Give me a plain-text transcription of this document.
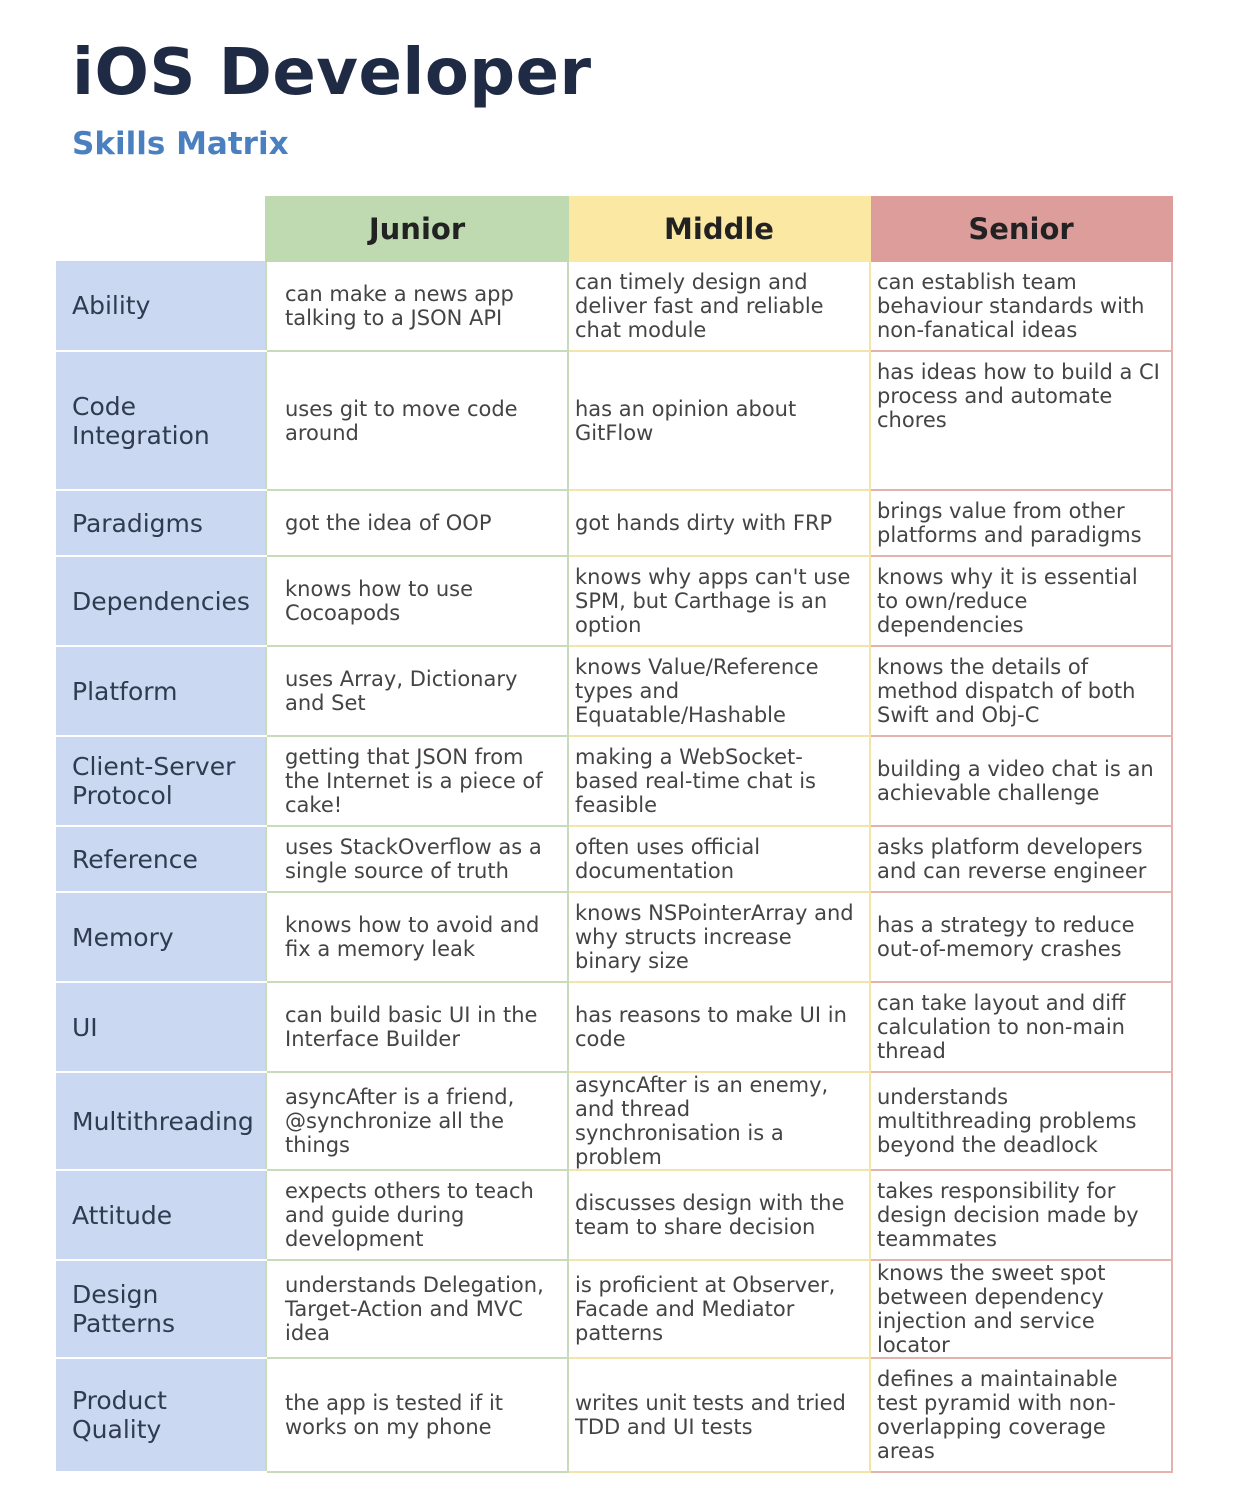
iOS Developer
Skills Matrix
	Junior	Middle	Senior
Ability	can make a news app talking to a JSON API	can timely design and deliver fast and reliable chat module	can establish team behaviour standards with non-fanatical ideas
Code Integration	uses git to move code around	has an opinion about GitFlow	has ideas how to build a CI process and automate chores
Paradigms	got the idea of OOP	got hands dirty with FRP	brings value from other platforms and paradigms
Dependencies	knows how to use Cocoapods	knows why apps can't use SPM, but Carthage is an option	knows why it is essential to own/reduce dependencies
Platform	uses Array, Dictionary and Set	knows Value/Reference types and Equatable/Hashable	knows the details of method dispatch of both Swift and Obj-C
Client-Server Protocol	getting that JSON from the Internet is a piece of cake!	making a WebSocket-based real-time chat is feasible	building a video chat is an achievable challenge
Reference	uses StackOverflow as a single source of truth	often uses official documentation	asks platform developers and can reverse engineer
Memory	knows how to avoid and fix a memory leak	knows NSPointerArray and why structs increase binary size	has a strategy to reduce out-of-memory crashes
UI	can build basic UI in the Interface Builder	has reasons to make UI in code	can take layout and diff calculation to non-main thread
Multithreading	asyncAfter is a friend, @synchronize all the things	asyncAfter is an enemy, and thread synchronisation is a problem	understands multithreading problems beyond the deadlock
Attitude	expects others to teach and guide during development	discusses design with the team to share decision	takes responsibility for design decision made by teammates
Design Patterns	understands Delegation, Target-Action and MVC idea	is proficient at Observer, Facade and Mediator patterns	knows the sweet spot between dependency injection and service locator
Product Quality	the app is tested if it works on my phone	writes unit tests and tried TDD and UI tests	defines a maintainable test pyramid with non-overlapping coverage areas
